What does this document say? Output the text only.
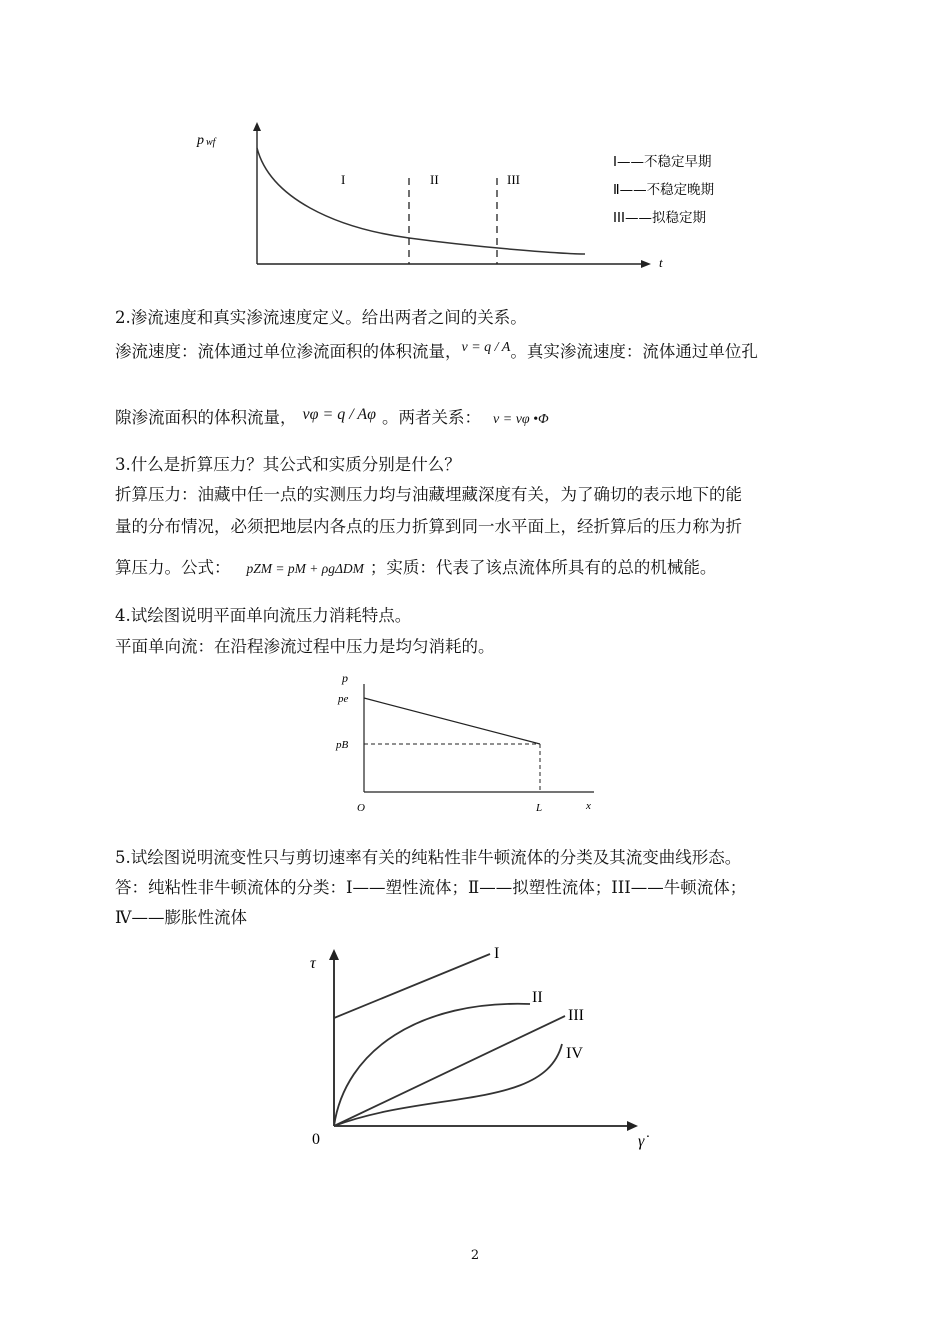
p wf
t
I	II	III
Ⅰ——不稳定早期
Ⅱ——不稳定晚期
III——拟稳定期
2.渗流速度和真实渗流速度定义。给出两者之间的关系。
渗流速度：流体通过单位渗流面积的体积流量，$^{v = q / A}$。真实渗流速度：流体通过单位孔
隙渗流面积的体积流量， vφ = q / Aφ 。两者关系： v = vφ •Φ
3.什么是折算压力？其公式和实质分别是什么？
折算压力：油藏中任一点的实测压力均与油藏埋藏深度有关，为了确切的表示地下的能
量的分布情况，必须把地层内各点的压力折算到同一水平面上，经折算后的压力称为折
算压力。公式： pZM = pM + ρgΔDM ；实质：代表了该点流体所具有的总的机械能。
4.试绘图说明平面单向流压力消耗特点。
平面单向流：在沿程渗流过程中压力是均匀消耗的。
p
pe
pB
O	L	x
5.试绘图说明流变性只与剪切速率有关的纯粘性非牛顿流体的分类及其流变曲线形态。
答：纯粘性非牛顿流体的分类：Ⅰ——塑性流体；Ⅱ——拟塑性流体；III——牛顿流体；
Ⅳ——膨胀性流体
τ
0	γ̇
I
II
III
IV
2
